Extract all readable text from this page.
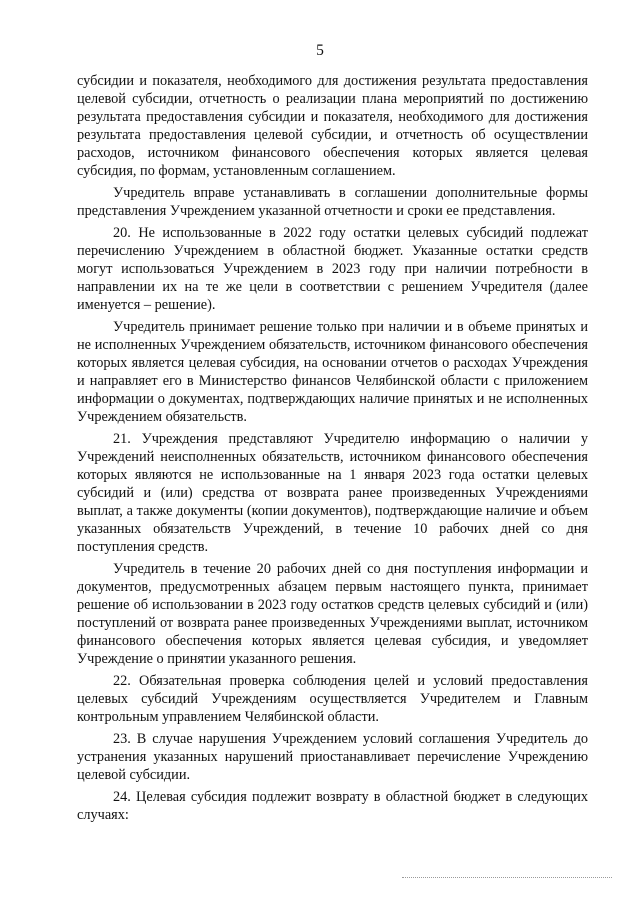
5

субсидии и показателя, необходимого для достижения результата предоставления целевой субсидии, отчетность о реализации плана мероприятий по достижению результата предоставления субсидии и показателя, необходимого для достижения результата предоставления целевой субсидии, и отчетность об осуществлении расходов, источником финансового обеспечения которых является целевая субсидия, по формам, установленным соглашением.

Учредитель вправе устанавливать в соглашении дополнительные формы представления Учреждением указанной отчетности и сроки ее представления.

20. Не использованные в 2022 году остатки целевых субсидий подлежат перечислению Учреждением в областной бюджет. Указанные остатки средств могут использоваться Учреждением в 2023 году при наличии потребности в направлении их на те же цели в соответствии с решением Учредителя (далее именуется – решение).

Учредитель принимает решение только при наличии и в объеме принятых и не исполненных Учреждением обязательств, источником финансового обеспечения которых является целевая субсидия, на основании отчетов о расходах Учреждения и направляет его в Министерство финансов Челябинской области с приложением информации о документах, подтверждающих наличие принятых и не исполненных Учреждением обязательств.

21. Учреждения представляют Учредителю информацию о наличии у Учреждений неисполненных обязательств, источником финансового обеспечения которых являются не использованные на 1 января 2023 года остатки целевых субсидий и (или) средства от возврата ранее произведенных Учреждениями выплат, а также документы (копии документов), подтверждающие наличие и объем указанных обязательств Учреждений, в течение 10 рабочих дней со дня поступления средств.

Учредитель в течение 20 рабочих дней со дня поступления информации и документов, предусмотренных абзацем первым настоящего пункта, принимает решение об использовании в 2023 году остатков средств целевых субсидий и (или) поступлений от возврата ранее произведенных Учреждениями выплат, источником финансового обеспечения которых является целевая субсидия, и уведомляет Учреждение о принятии указанного решения.

22. Обязательная проверка соблюдения целей и условий предоставления целевых субсидий Учреждениям осуществляется Учредителем и Главным контрольным управлением Челябинской области.

23. В случае нарушения Учреждением условий соглашения Учредитель до устранения указанных нарушений приостанавливает перечисление Учреждению целевой субсидии.

24. Целевая субсидия подлежит возврату в областной бюджет в следующих случаях:
